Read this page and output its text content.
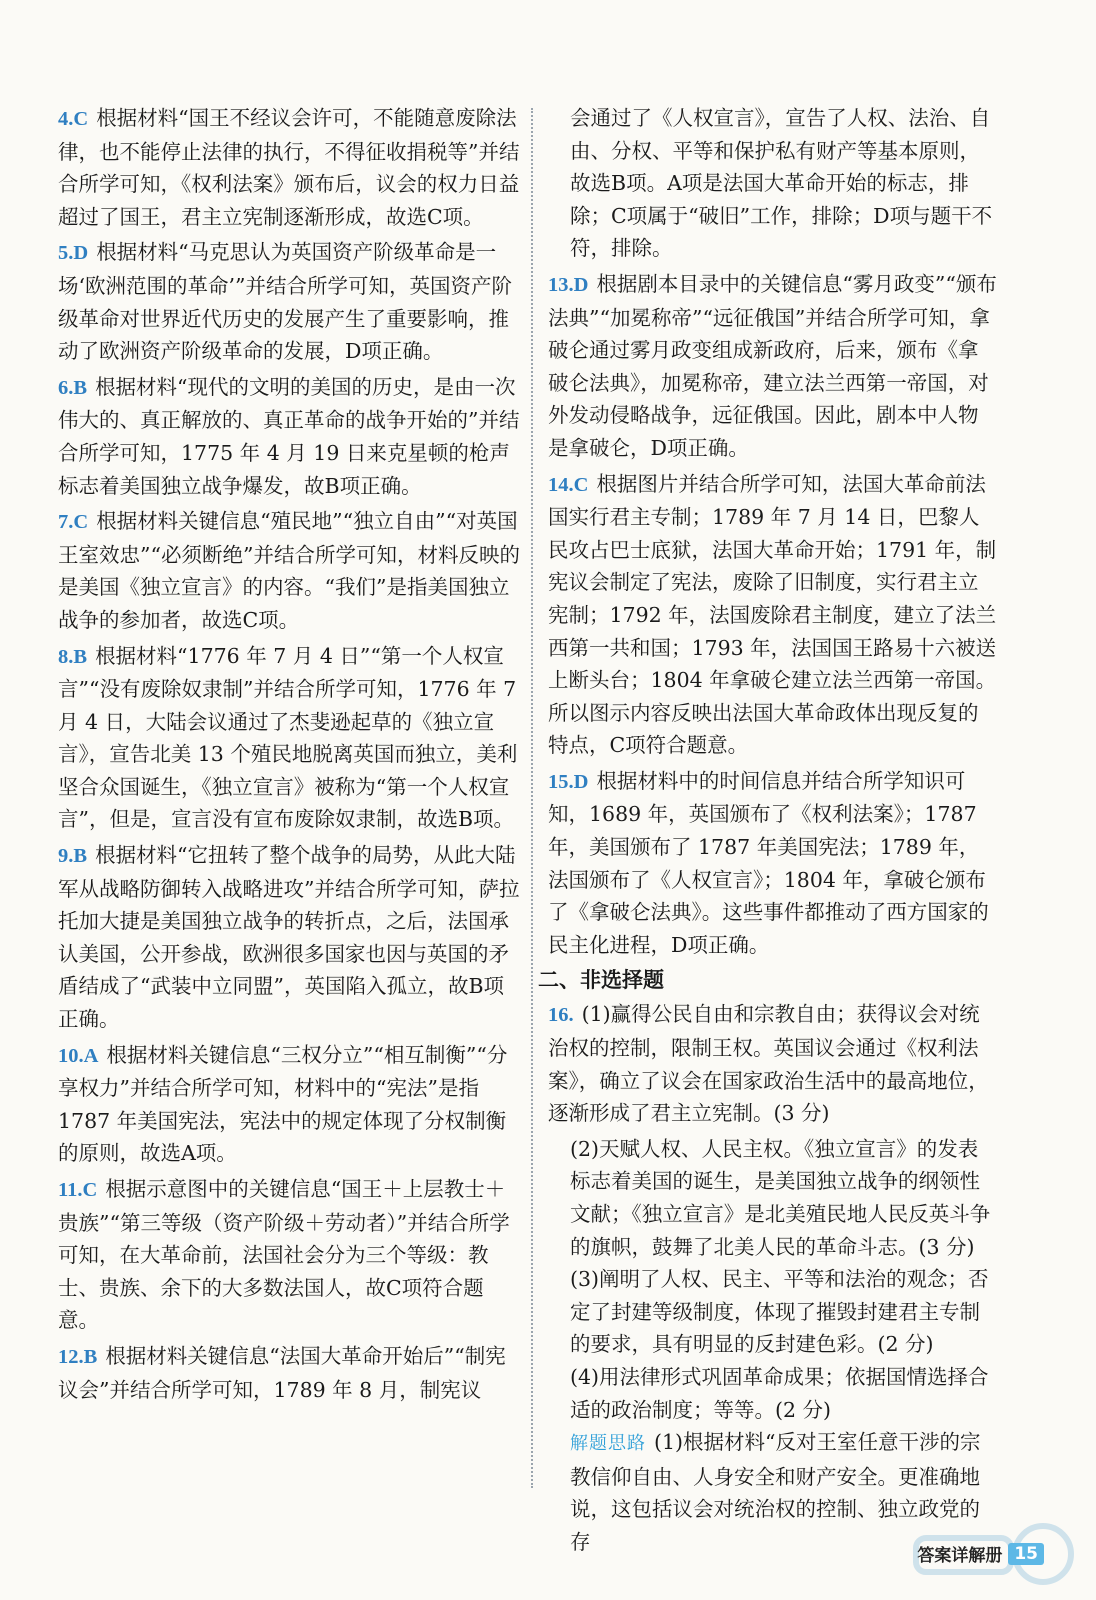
4.C 根据材料“国王不经议会许可，不能随意废除法律，也不能停止法律的执行，不得征收捐税等”并结合所学可知，《权利法案》颁布后，议会的权力日益超过了国王，君主立宪制逐渐形成，故选C项。
5.D 根据材料“马克思认为英国资产阶级革命是一场‘欧洲范围的革命’”并结合所学可知，英国资产阶级革命对世界近代历史的发展产生了重要影响，推动了欧洲资产阶级革命的发展，D项正确。
6.B 根据材料“现代的文明的美国的历史，是由一次伟大的、真正解放的、真正革命的战争开始的”并结合所学可知，1775 年 4 月 19 日来克星顿的枪声标志着美国独立战争爆发，故B项正确。
7.C 根据材料关键信息“殖民地”“独立自由”“对英国王室效忠”“必须断绝”并结合所学可知，材料反映的是美国《独立宣言》的内容。“我们”是指美国独立战争的参加者，故选C项。
8.B 根据材料“1776 年 7 月 4 日”“第一个人权宣言”“没有废除奴隶制”并结合所学可知，1776 年 7 月 4 日，大陆会议通过了杰斐逊起草的《独立宣言》，宣告北美 13 个殖民地脱离英国而独立，美利坚合众国诞生，《独立宣言》被称为“第一个人权宣言”，但是，宣言没有宣布废除奴隶制，故选B项。
9.B 根据材料“它扭转了整个战争的局势，从此大陆军从战略防御转入战略进攻”并结合所学可知，萨拉托加大捷是美国独立战争的转折点，之后，法国承认美国，公开参战，欧洲很多国家也因与英国的矛盾结成了“武装中立同盟”，英国陷入孤立，故B项正确。
10.A 根据材料关键信息“三权分立”“相互制衡”“分享权力”并结合所学可知，材料中的“宪法”是指 1787 年美国宪法，宪法中的规定体现了分权制衡的原则，故选A项。
11.C 根据示意图中的关键信息“国王＋上层教士＋贵族”“第三等级（资产阶级＋劳动者）”并结合所学可知，在大革命前，法国社会分为三个等级：教士、贵族、余下的大多数法国人，故C项符合题意。
12.B 根据材料关键信息“法国大革命开始后”“制宪议会”并结合所学可知，1789 年 8 月，制宪议
会通过了《人权宣言》，宣告了人权、法治、自由、分权、平等和保护私有财产等基本原则，故选B项。A项是法国大革命开始的标志，排除；C项属于“破旧”工作，排除；D项与题干不符，排除。
13.D 根据剧本目录中的关键信息“雾月政变”“颁布法典”“加冕称帝”“远征俄国”并结合所学可知，拿破仑通过雾月政变组成新政府，后来，颁布《拿破仑法典》，加冕称帝，建立法兰西第一帝国，对外发动侵略战争，远征俄国。因此，剧本中人物是拿破仑，D项正确。
14.C 根据图片并结合所学可知，法国大革命前法国实行君主专制；1789 年 7 月 14 日，巴黎人民攻占巴士底狱，法国大革命开始；1791 年，制宪议会制定了宪法，废除了旧制度，实行君主立宪制；1792 年，法国废除君主制度，建立了法兰西第一共和国；1793 年，法国国王路易十六被送上断头台；1804 年拿破仑建立法兰西第一帝国。所以图示内容反映出法国大革命政体出现反复的特点，C项符合题意。
15.D 根据材料中的时间信息并结合所学知识可知，1689 年，英国颁布了《权利法案》；1787 年，美国颁布了 1787 年美国宪法；1789 年，法国颁布了《人权宣言》；1804 年，拿破仑颁布了《拿破仑法典》。这些事件都推动了西方国家的民主化进程，D项正确。
二、非选择题
16. (1)赢得公民自由和宗教自由；获得议会对统治权的控制，限制王权。英国议会通过《权利法案》，确立了议会在国家政治生活中的最高地位，逐渐形成了君主立宪制。(3 分)

(2)天赋人权、人民主权。《独立宣言》的发表标志着美国的诞生，是美国独立战争的纲领性文献；《独立宣言》是北美殖民地人民反英斗争的旗帜，鼓舞了北美人民的革命斗志。(3 分)

(3)阐明了人权、民主、平等和法治的观念；否定了封建等级制度，体现了摧毁封建君主专制的要求，具有明显的反封建色彩。(2 分)

(4)用法律形式巩固革命成果；依据国情选择合适的政治制度；等等。(2 分)

解题思路 (1)根据材料“反对王室任意干涉的宗教信仰自由、人身安全和财产安全。更准确地说，这包括议会对统治权的控制、独立政党的存

答案详解册 15
